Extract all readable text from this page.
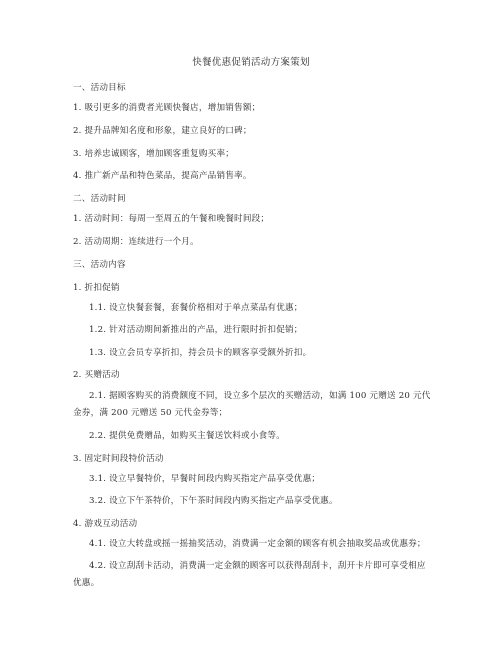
快餐优惠促销活动方案策划
一、活动目标
1. 吸引更多的消费者光顾快餐店，增加销售额；
2. 提升品牌知名度和形象，建立良好的口碑；
3. 培养忠诚顾客，增加顾客重复购买率；
4. 推广新产品和特色菜品，提高产品销售率。
二、活动时间
1. 活动时间：每周一至周五的午餐和晚餐时间段；
2. 活动周期：连续进行一个月。
三、活动内容
1. 折扣促销
1.1. 设立快餐套餐，套餐价格相对于单点菜品有优惠；
1.2. 针对活动期间新推出的产品，进行限时折扣促销；
1.3. 设立会员专享折扣，持会员卡的顾客享受额外折扣。
2. 买赠活动
2.1. 据顾客购买的消费额度不同，设立多个层次的买赠活动，如满 100 元赠送 20 元代
金券，满 200 元赠送 50 元代金券等；
2.2. 提供免费赠品，如购买主餐送饮料或小食等。
3. 固定时间段特价活动
3.1. 设立早餐特价，早餐时间段内购买指定产品享受优惠；
3.2. 设立下午茶特价，下午茶时间段内购买指定产品享受优惠。
4. 游戏互动活动
4.1. 设立大转盘或摇一摇抽奖活动，消费满一定金额的顾客有机会抽取奖品或优惠券；
4.2. 设立刮刮卡活动，消费满一定金额的顾客可以获得刮刮卡，刮开卡片即可享受相应
优惠。
